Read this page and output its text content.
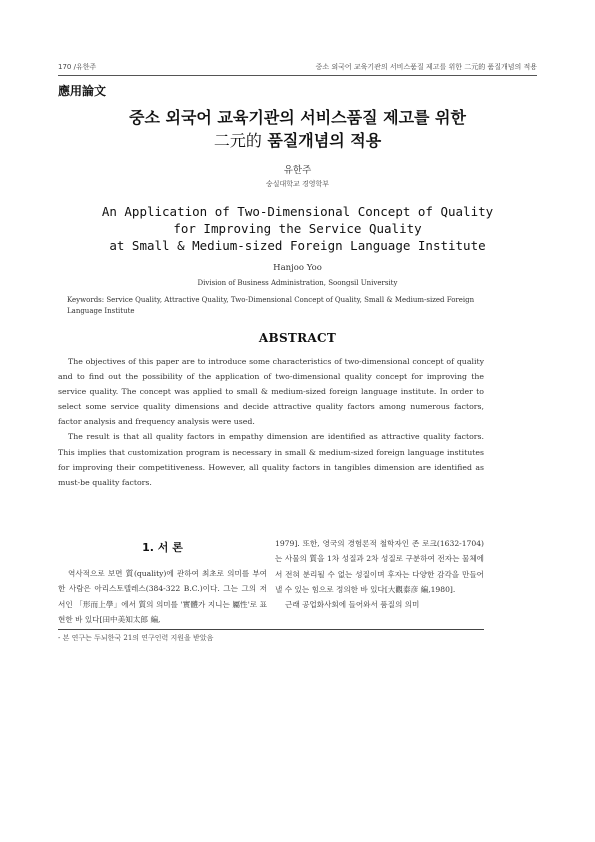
170 /유한주	중소 외국어 교육기관의 서비스품질 제고를 위한 二元的 품질개념의 적용
應用論文
중소 외국어 교육기관의 서비스품질 제고를 위한
二元的 품질개념의 적용
유한주
숭실대학교 경영학부
An Application of Two-Dimensional Concept of Quality
for Improving the Service Quality
at Small & Medium-sized Foreign Language Institute
Hanjoo Yoo
Division of Business Administration, Soongsil University
Keywords: Service Quality, Attractive Quality, Two-Dimensional Concept of Quality, Small & Medium-sized Foreign Language Institute
ABSTRACT

The objectives of this paper are to introduce some characteristics of two-dimensional concept of quality and to find out the possibility of the application of two-dimensional quality concept for improving the service quality. The concept was applied to small & medium-sized foreign language institute. In order to select some service quality dimensions and decide attractive quality factors among numerous factors, factor analysis and frequency analysis were used.

The result is that all quality factors in empathy dimension are identified as attractive quality factors. This implies that customization program is necessary in small & medium-sized foreign language institutes for improving their competitiveness. However, all quality factors in tangibles dimension are identified as must-be quality factors.

1. 서 론

역사적으로 보면 質(quality)에 관하여 최초로 의미를 부여한 사람은 아리스토텔레스(384-322 B.C.)이다. 그는 그의 저서인 「形而上學」에서 質의 의미를 '實體가 지니는 屬性'로 표현한 바 있다[田中美知太郎 編,

1979]. 또한, 영국의 경험론적 철학자인 존 로크(1632-1704)는 사물의 質을 1차 성질과 2차 성질로 구분하여 전자는 물체에서 전혀 분리될 수 없는 성질이며 후자는 다양한 감각을 만들어 낼 수 있는 힘으로 정의한 바 있다[大觀泰彦 編,1980].

근래 공업화사회에 들어와서 품질의 의미

- 본 연구는 두뇌한국 21의 연구인력 지원을 받았음
